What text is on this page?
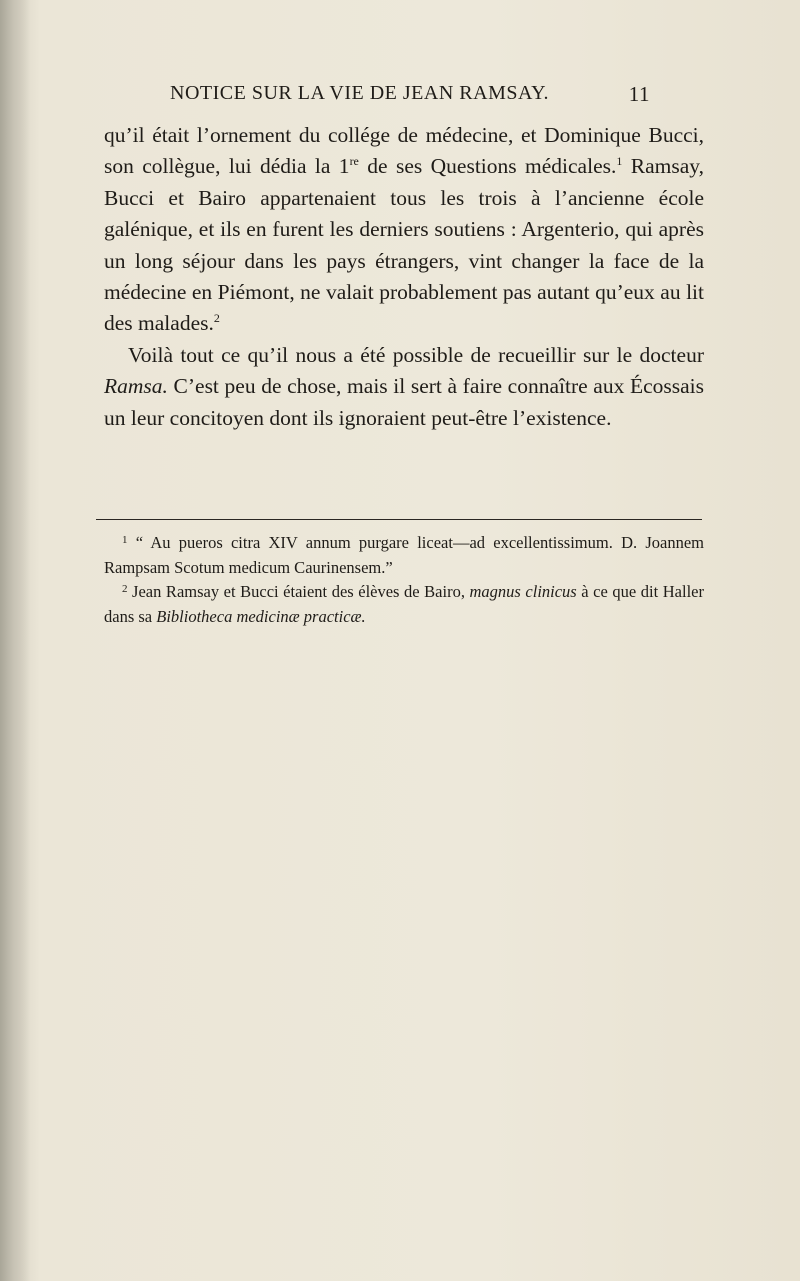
NOTICE SUR LA VIE DE JEAN RAMSAY.	11

qu’il était l’ornement du collége de médecine, et Dominique Bucci, son collègue, lui dédia la 1re de ses Questions médicales.$^1$ Ramsay, Bucci et Bairo appartenaient tous les trois à l’ancienne école galénique, et ils en furent les derniers soutiens : Argenterio, qui après un long séjour dans les pays étrangers, vint changer la face de la médecine en Piémont, ne valait probablement pas autant qu’eux au lit des malades.$^2$

Voilà tout ce qu’il nous a été possible de recueillir sur le docteur Ramsa. C’est peu de chose, mais il sert à faire connaître aux Écossais un leur concitoyen dont ils ignoraient peut-être l’existence.

$^1$ “ Au pueros citra XIV annum purgare liceat—ad excellentissimum. D. Joannem Rampsam Scotum medicum Caurinensem.”

$^2$ Jean Ramsay et Bucci étaient des élèves de Bairo, magnus clinicus à ce que dit Haller dans sa Bibliotheca medicinæ practicæ.
